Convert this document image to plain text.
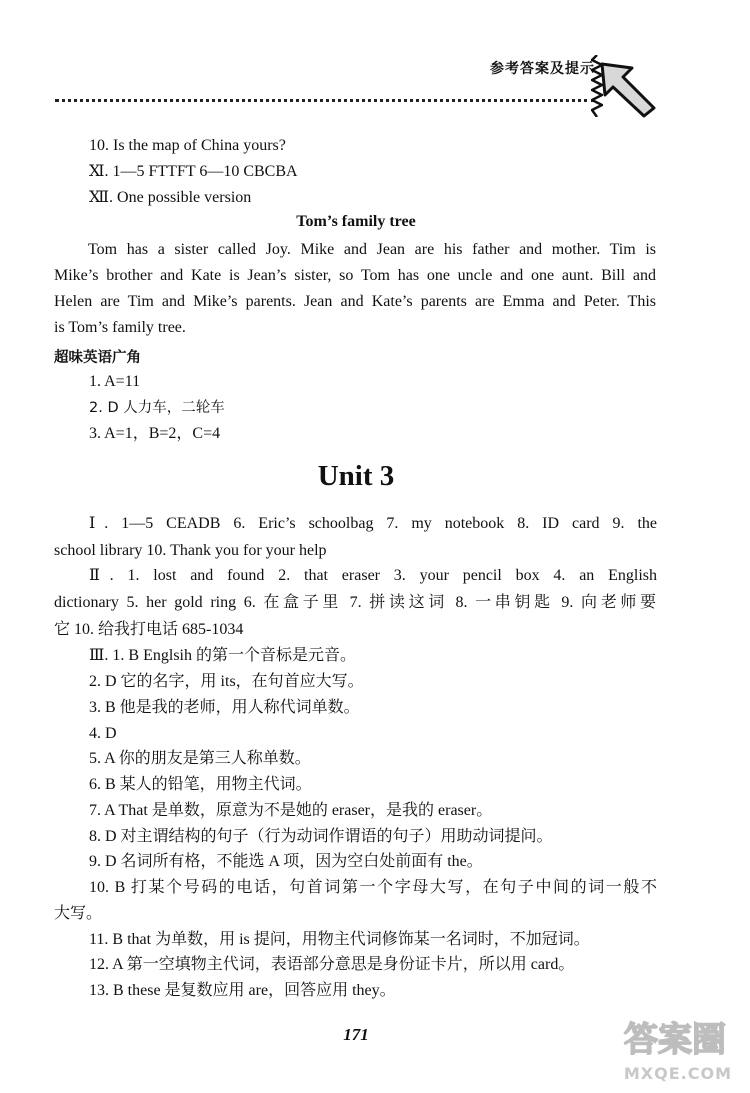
参考答案及提示
10. Is the map of China yours?
Ⅺ. 1—5 FTTFT 6—10 CBCBA
Ⅻ. One possible version
Tom’s family tree
Tom has a sister called Joy. Mike and Jean are his father and mother. Tim is
Mike’s brother and Kate is Jean’s sister, so Tom has one uncle and one aunt. Bill and
Helen are Tim and Mike’s parents. Jean and Kate’s parents are Emma and Peter. This
is Tom’s family tree.
超味英语广角
1. A=11
2. D 人力车，二轮车
3. A=1，B=2，C=4
Unit 3
Ⅰ. 1—5 CEADB 6. Eric’s schoolbag 7. my notebook 8. ID card 9. the
school library 10. Thank you for your help
Ⅱ. 1. lost and found 2. that eraser 3. your pencil box 4. an English
dictionary 5. her gold ring 6. 在盒子里 7. 拼读这词 8. 一串钥匙 9. 向老师要
它 10. 给我打电话 685-1034
Ⅲ. 1. B Englsih 的第一个音标是元音。
2. D 它的名字，用 its，在句首应大写。
3. B 他是我的老师，用人称代词单数。
4. D
5. A 你的朋友是第三人称单数。
6. B 某人的铅笔，用物主代词。
7. A That 是单数，原意为不是她的 eraser，是我的 eraser。
8. D 对主谓结构的句子（行为动词作谓语的句子）用助动词提问。
9. D 名词所有格，不能选 A 项，因为空白处前面有 the。
10. B 打某个号码的电话，句首词第一个字母大写，在句子中间的词一般不
大写。
11. B that 为单数，用 is 提问，用物主代词修饰某一名词时，不加冠词。
12. A 第一空填物主代词，表语部分意思是身份证卡片，所以用 card。
13. B these 是复数应用 are，回答应用 they。
171	答案圈
MXQE.COM
